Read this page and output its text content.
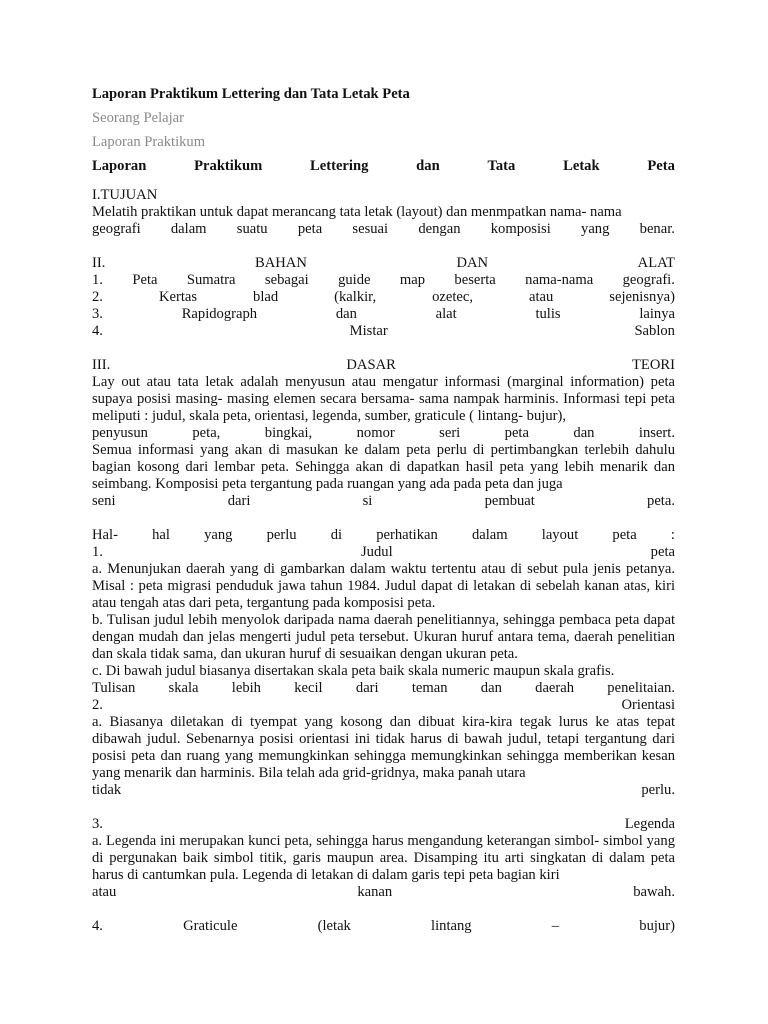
Laporan Praktikum Lettering dan Tata Letak Peta
Seorang Pelajar
Laporan Praktikum
Laporan	Praktikum	Lettering	dan	Tata	Letak	Peta
I.TUJUAN
Melatih praktikan untuk dapat merancang tata letak (layout) dan menmpatkan nama- nama
geografi dalam suatu peta sesuai dengan komposisi yang benar.
II.	BAHAN	DAN	ALAT
1. Peta Sumatra sebagai guide map beserta nama-nama geografi.
2.	Kertas	blad	(kalkir,	ozetec,	atau	sejenisnya)
3.	Rapidograph	dan	alat	tulis	lainya
4.	Mistar	Sablon
III.	DASAR	TEORI
Lay out atau tata letak adalah menyusun atau mengatur informasi (marginal information) peta supaya posisi masing- masing elemen secara bersama- sama nampak harminis. Informasi tepi peta meliputi : judul, skala peta, orientasi, legenda, sumber, graticule ( lintang- bujur),
penyusun	peta,	bingkai,	nomor	seri	peta	dan	insert.
Semua informasi yang akan di masukan ke dalam peta perlu di pertimbangkan terlebih dahulu bagian kosong dari lembar peta. Sehingga akan di dapatkan hasil peta yang lebih menarik dan seimbang. Komposisi peta tergantung pada ruangan yang ada pada peta dan juga
seni	dari	si	pembuat	peta.
Hal- hal yang perlu di perhatikan dalam layout peta :
1.	Judul	peta
a. Menunjukan daerah yang di gambarkan dalam waktu tertentu atau di sebut pula jenis petanya. Misal : peta migrasi penduduk jawa tahun 1984. Judul dapat di letakan di sebelah kanan atas, kiri atau tengah atas dari peta, tergantung pada komposisi peta.
b. Tulisan judul lebih menyolok daripada nama daerah penelitiannya, sehingga pembaca peta dapat dengan mudah dan jelas mengerti judul peta tersebut. Ukuran huruf antara tema, daerah penelitian dan skala tidak sama, dan ukuran huruf di sesuaikan dengan ukuran peta.
c. Di bawah judul biasanya disertakan skala peta baik skala numeric maupun skala grafis.
Tulisan skala lebih kecil dari teman dan daerah penelitaian.
2.	Orientasi
a. Biasanya diletakan di tyempat yang kosong dan dibuat kira-kira tegak lurus ke atas tepat dibawah judul. Sebenarnya posisi orientasi ini tidak harus di bawah judul, tetapi tergantung dari posisi peta dan ruang yang memungkinkan sehingga memungkinkan sehingga memberikan kesan yang menarik dan harminis. Bila telah ada grid-gridnya, maka panah utara
tidak	perlu.
3.	Legenda
a. Legenda ini merupakan kunci peta, sehingga harus mengandung keterangan simbol- simbol yang di pergunakan baik simbol titik, garis maupun area. Disamping itu arti singkatan di dalam peta harus di cantumkan pula. Legenda di letakan di dalam garis tepi peta bagian kiri
atau	kanan	bawah.
4.	Graticule	(letak	lintang	–	bujur)
